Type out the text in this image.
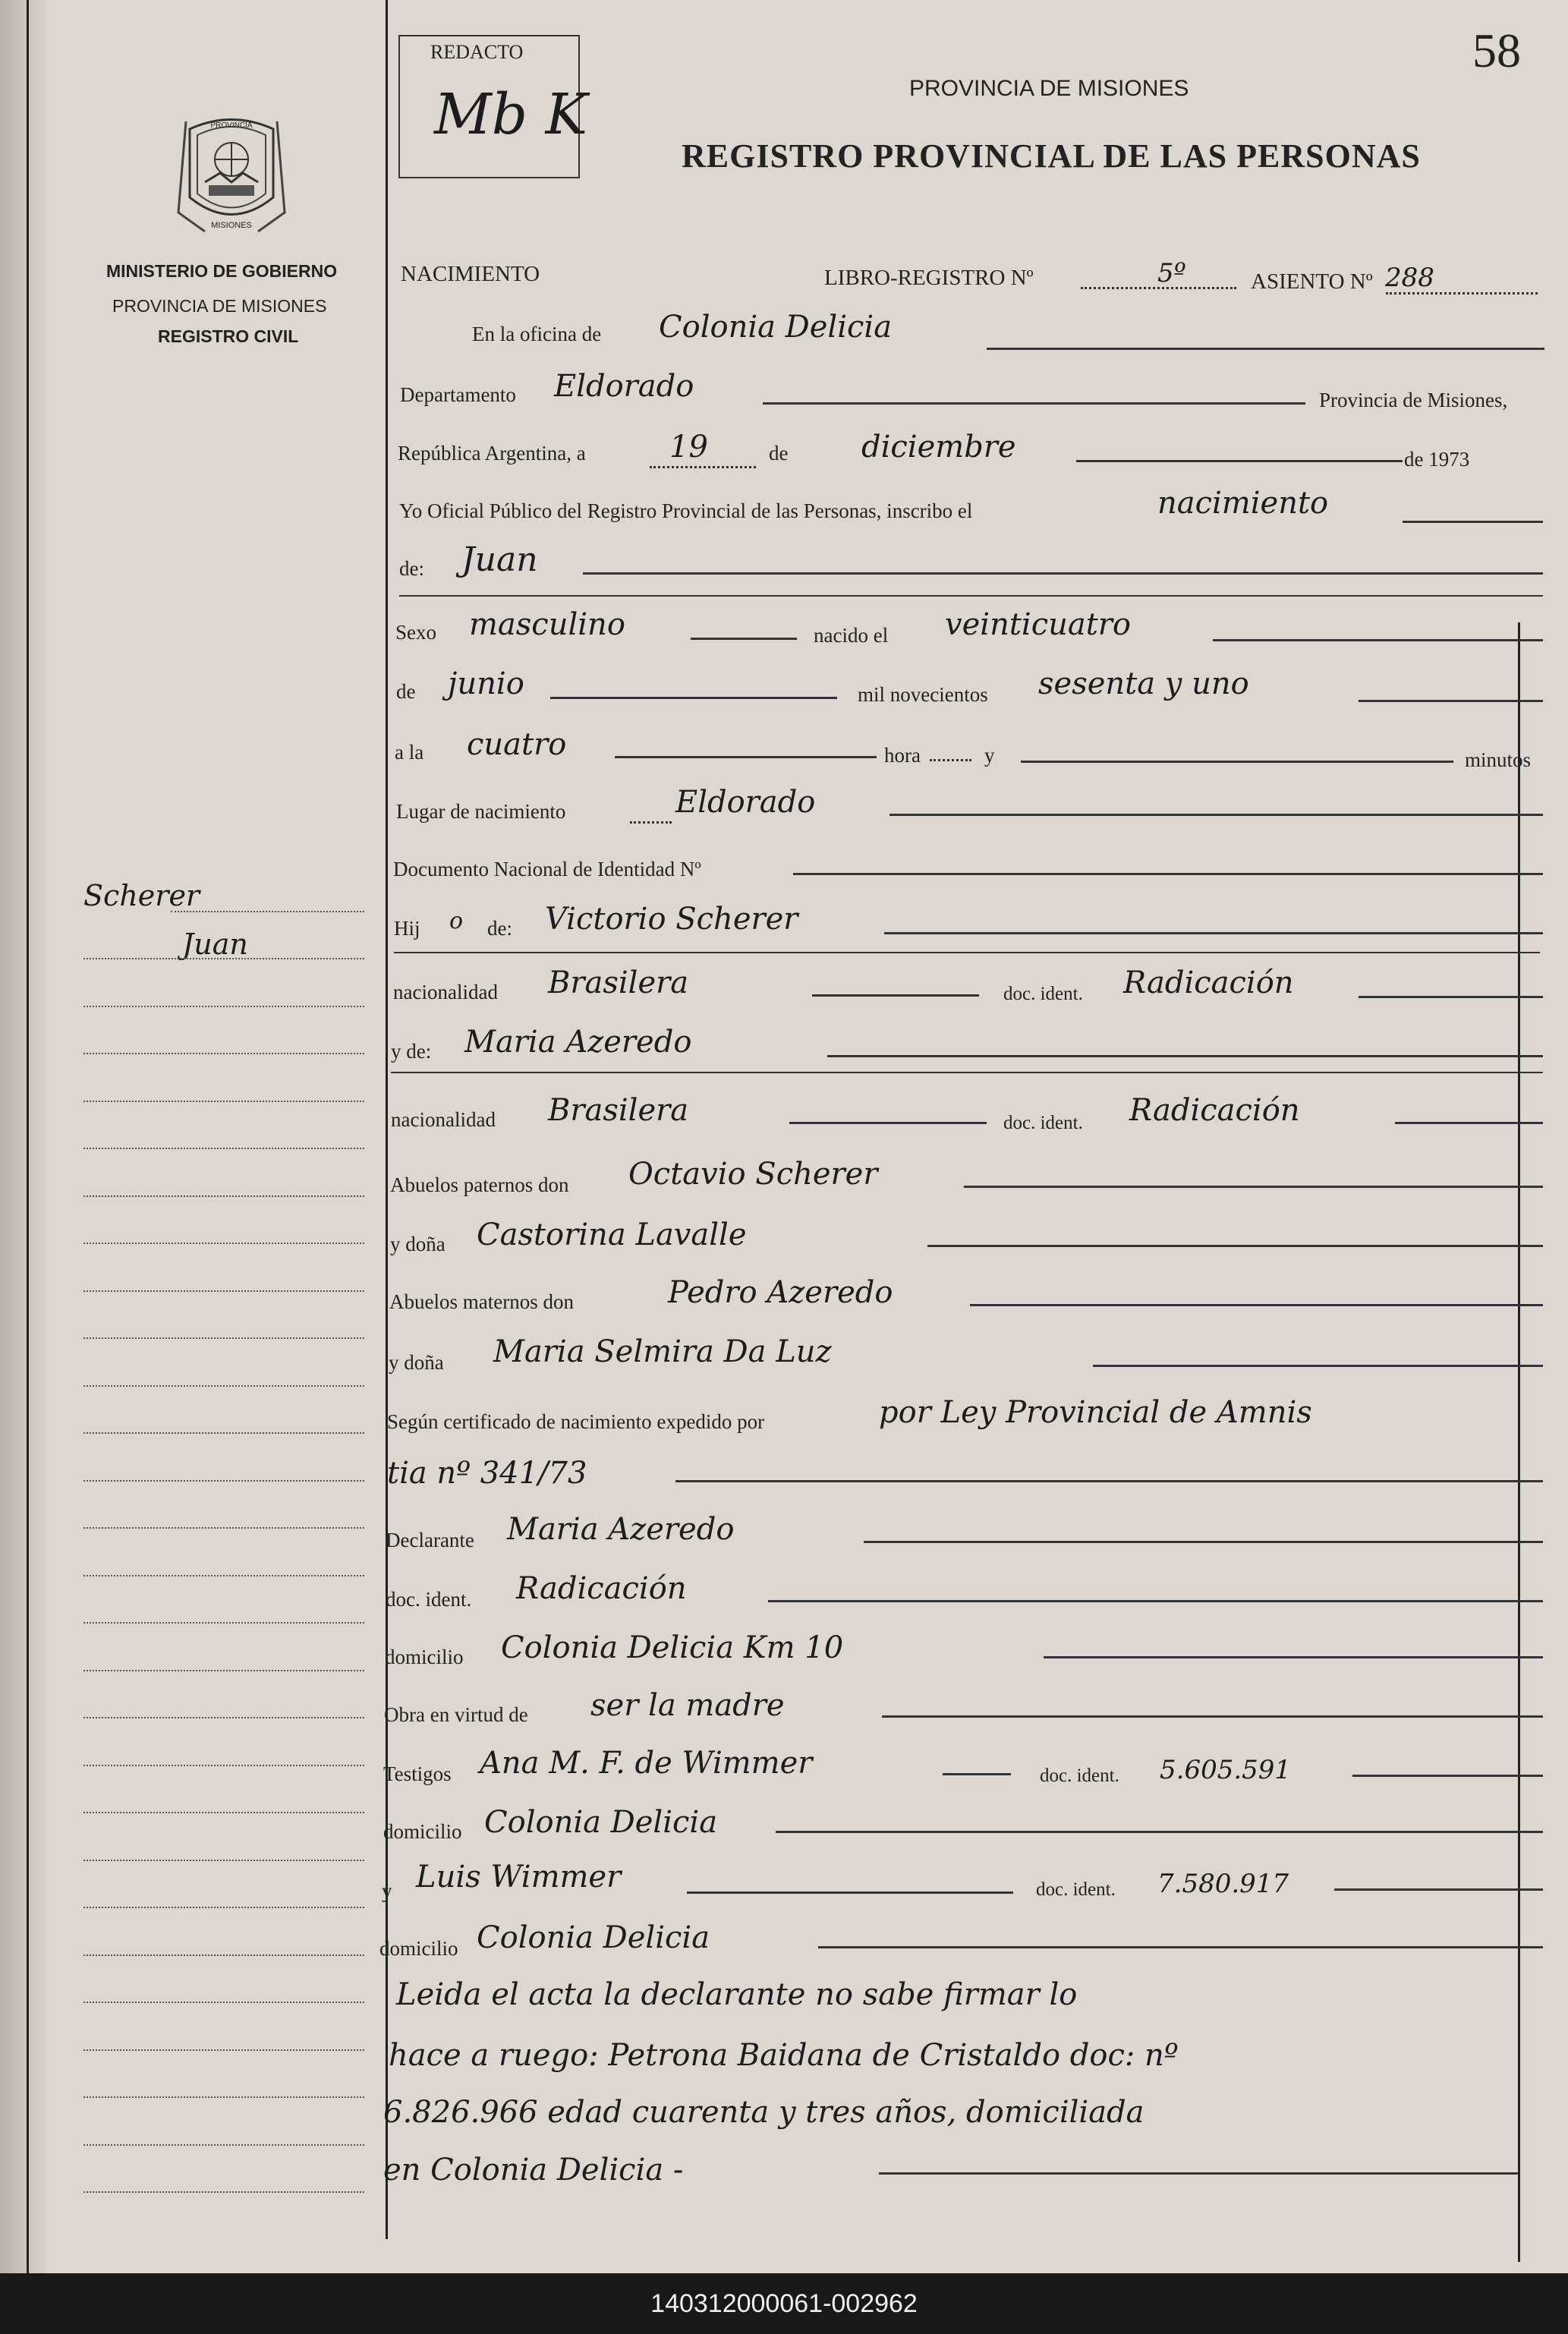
58
REDACTO
Mb K
PROVINCIA
MISIONES
MINISTERIO DE GOBIERNO
PROVINCIA DE MISIONES
REGISTRO CIVIL
Scherer
Juan
PROVINCIA DE MISIONES
REGISTRO PROVINCIAL DE LAS PERSONAS
NACIMIENTO	LIBRO-REGISTRO Nº	5º	ASIENTO Nº 288
En la oficina de Colonia Delicia
Departamento Eldorado	Provincia de Misiones,
República Argentina, a	19	de diciembre	de 1973
Yo Oficial Público del Registro Provincial de las Personas, inscribo el	nacimiento
de: Juan
Sexo masculino	nacido el veinticuatro
de junio	mil novecientos sesenta y uno
a la cuatro	hora	y	minutos
Lugar de nacimiento	Eldorado
Documento Nacional de Identidad Nº
Hij o de: Victorio Scherer
nacionalidad Brasilera	doc. ident. Radicación
y de: Maria Azeredo
nacionalidad Brasilera	doc. ident. Radicación
Abuelos paternos don Octavio Scherer
y doña Castorina Lavalle
Abuelos maternos don	Pedro Azeredo
y doña Maria Selmira Da Luz
Según certificado de nacimiento expedido por	por Ley Provincial de Amnis
tia nº 341/73
Declarante Maria Azeredo
doc. ident. Radicación
domicilio Colonia Delicia Km 10
Obra en virtud de ser la madre
Testigos Ana M. F. de Wimmer	doc. ident. 5.605.591
domicilio Colonia Delicia
y Luis Wimmer	doc. ident. 7.580.917
domicilio Colonia Delicia
Leida el acta la declarante no sabe firmar lo
hace a ruego: Petrona Baidana de Cristaldo doc: nº
6.826.966 edad cuarenta y tres años, domiciliada
en Colonia Delicia -
140312000061-002962
